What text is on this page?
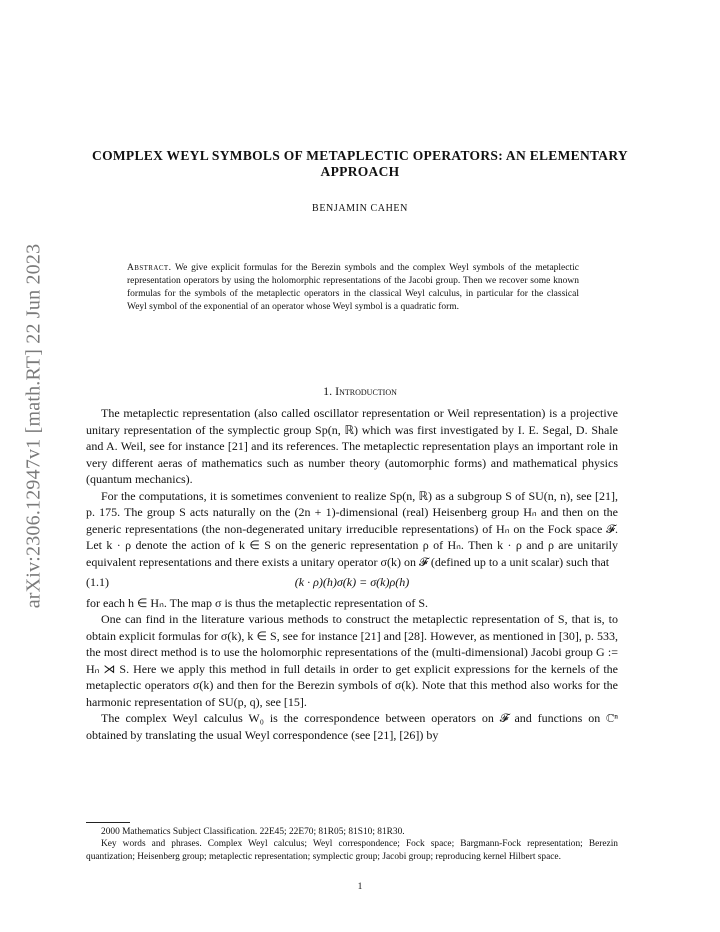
arXiv:2306.12947v1 [math.RT] 22 Jun 2023
COMPLEX WEYL SYMBOLS OF METAPLECTIC OPERATORS: AN ELEMENTARY APPROACH
BENJAMIN CAHEN
Abstract. We give explicit formulas for the Berezin symbols and the complex Weyl symbols of the metaplectic representation operators by using the holomorphic representations of the Jacobi group. Then we recover some known formulas for the symbols of the metaplectic operators in the classical Weyl calculus, in particular for the classical Weyl symbol of the exponential of an operator whose Weyl symbol is a quadratic form.
1. Introduction

The metaplectic representation (also called oscillator representation or Weil representation) is a projective unitary representation of the symplectic group Sp(n, ℝ) which was first investigated by I. E. Segal, D. Shale and A. Weil, see for instance [21] and its references. The metaplectic representation plays an important role in very different aeras of mathematics such as number theory (automorphic forms) and mathematical physics (quantum mechanics).

For the computations, it is sometimes convenient to realize Sp(n, ℝ) as a subgroup S of SU(n, n), see [21], p. 175. The group S acts naturally on the (2n + 1)-dimensional (real) Heisenberg group Hₙ and then on the generic representations (the non-degenerated unitary irreducible representations) of Hₙ on the Fock space 𝓕. Let k · ρ denote the action of k ∈ S on the generic representation ρ of Hₙ. Then k · ρ and ρ are unitarily equivalent representations and there exists a unitary operator σ(k) on 𝓕 (defined up to a unit scalar) such that

(1.1)	(k · ρ)(h)σ(k) = σ(k)ρ(h)

for each h ∈ Hₙ. The map σ is thus the metaplectic representation of S.

One can find in the literature various methods to construct the metaplectic representation of S, that is, to obtain explicit formulas for σ(k), k ∈ S, see for instance [21] and [28]. However, as mentioned in [30], p. 533, the most direct method is to use the holomorphic representations of the (multi-dimensional) Jacobi group G := Hₙ ⋊ S. Here we apply this method in full details in order to get explicit expressions for the kernels of the metaplectic operators σ(k) and then for the Berezin symbols of σ(k). Note that this method also works for the harmonic representation of SU(p, q), see [15].

The complex Weyl calculus W₀ is the correspondence between operators on 𝓕 and functions on ℂⁿ obtained by translating the usual Weyl correspondence (see [21], [26]) by

2000 Mathematics Subject Classification. 22E45; 22E70; 81R05; 81S10; 81R30.

Key words and phrases. Complex Weyl calculus; Weyl correspondence; Fock space; Bargmann-Fock representation; Berezin quantization; Heisenberg group; metaplectic representation; symplectic group; Jacobi group; reproducing kernel Hilbert space.

1
